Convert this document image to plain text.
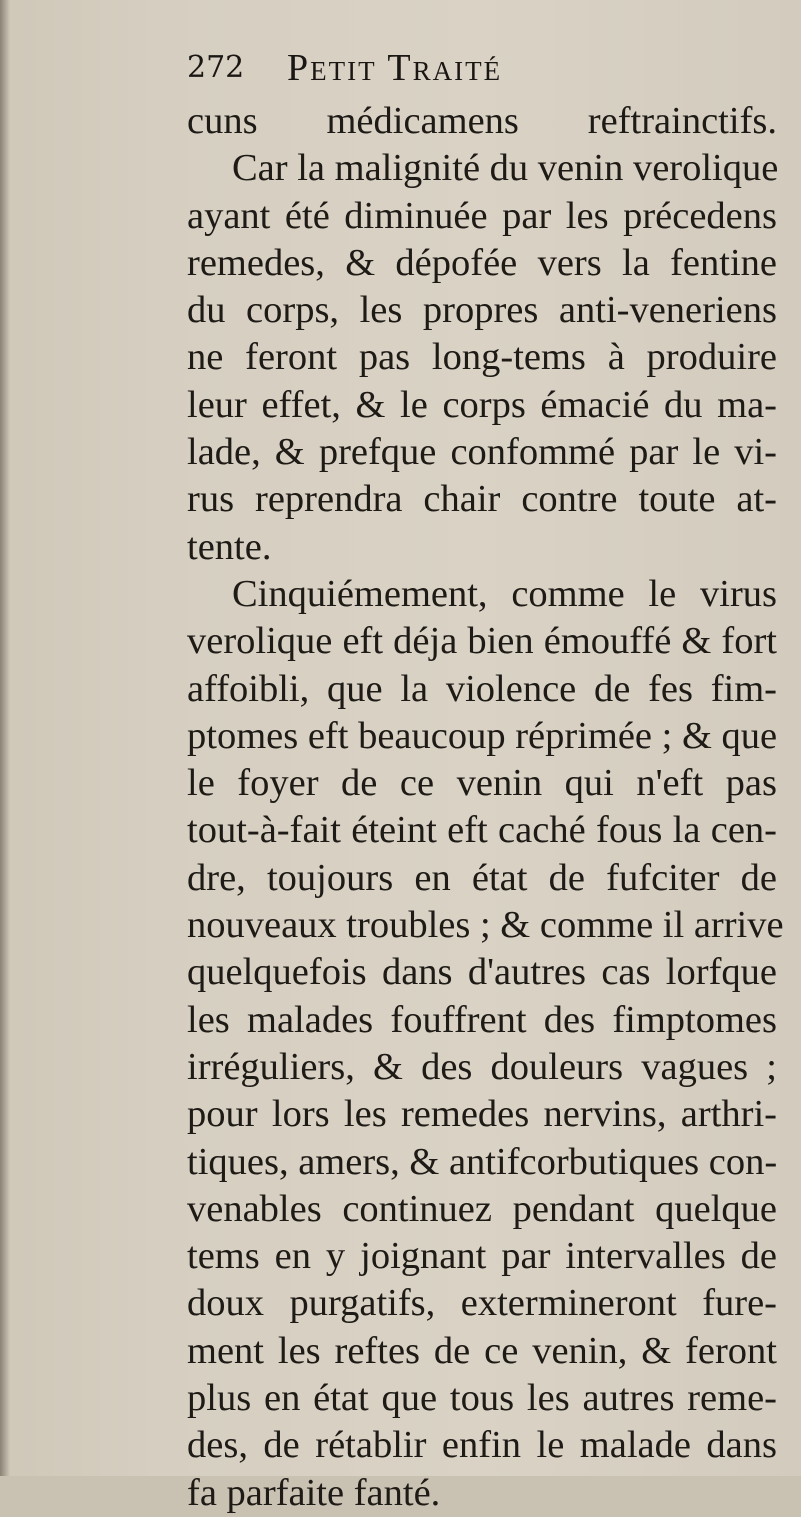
272 Petit Traité
cuns médicamens reftrainctifs.
Car la malignité du venin verolique
ayant été diminuée par les précedens
remedes, & dépofée vers la fentine
du corps, les propres anti-veneriens
ne feront pas long-tems à produire
leur effet, & le corps émacié du ma-
lade, & prefque confommé par le vi-
rus reprendra chair contre toute at-
tente.
Cinquiémement, comme le virus
verolique eft déja bien émouffé & fort
affoibli, que la violence de fes fim-
ptomes eft beaucoup réprimée ; & que
le foyer de ce venin qui n'eft pas
tout-à-fait éteint eft caché fous la cen-
dre, toujours en état de fufciter de
nouveaux troubles ; & comme il arrive
quelquefois dans d'autres cas lorfque
les malades fouffrent des fimptomes
irréguliers, & des douleurs vagues ;
pour lors les remedes nervins, arthri-
tiques, amers, & antifcorbutiques con-
venables continuez pendant quelque
tems en y joignant par intervalles de
doux purgatifs, extermineront fure-
ment les reftes de ce venin, & feront
plus en état que tous les autres reme-
des, de rétablir enfin le malade dans
fa parfaite fanté.
